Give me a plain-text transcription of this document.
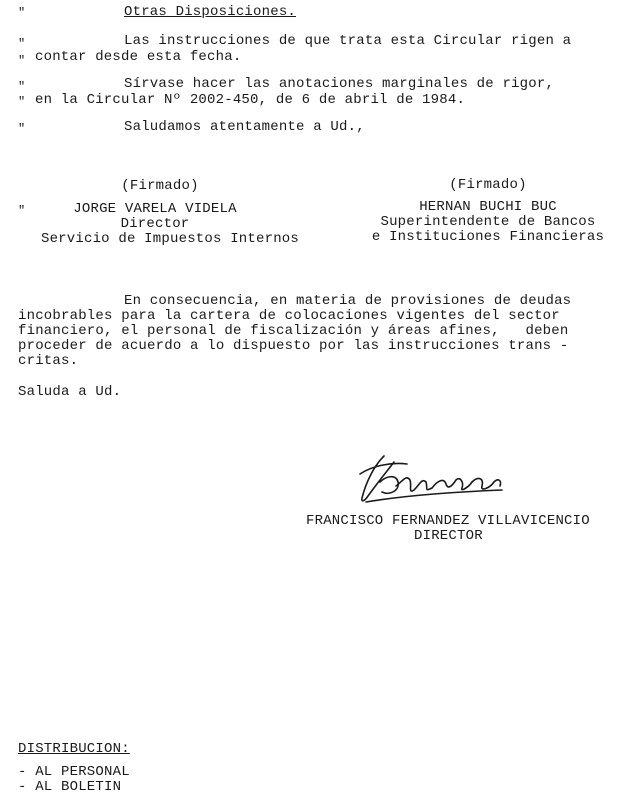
"
"
"
"
"
"
"
Otras Disposiciones.
Las instrucciones de que trata esta Circular rigen a
contar desde esta fecha.
Sírvase hacer las anotaciones marginales de rigor,
en la Circular Nº 2002-450, de 6 de abril de 1984.
Saludamos atentamente a Ud.,
(Firmado)
JORGE VARELA VIDELA
Director
Servicio de Impuestos Internos
(Firmado)
HERNAN BUCHI BUC
Superintendente de Bancos
e Instituciones Financieras
En consecuencia, en materia de provisiones de deudas
incobrables para la cartera de colocaciones vigentes del sector
financiero, el personal de fiscalización y áreas afines,   deben
proceder de acuerdo a lo dispuesto por las instrucciones trans -
critas.
Saluda a Ud.
FRANCISCO FERNANDEZ VILLAVICENCIO
DIRECTOR
DISTRIBUCION:
- AL PERSONAL
- AL BOLETIN
